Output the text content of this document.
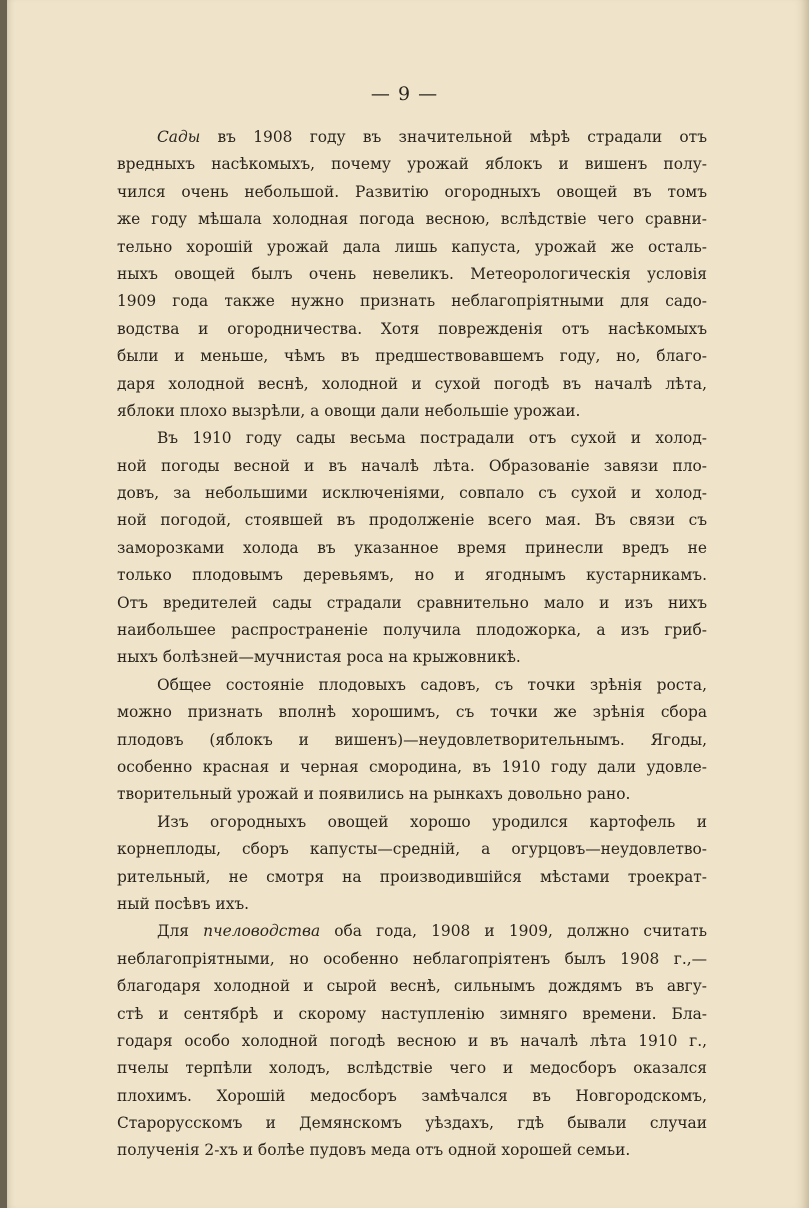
— 9 —
Сады въ 1908 году въ значительной мѣрѣ страдали отъ
вредныхъ насѣкомыхъ, почему урожай яблокъ и вишенъ полу-
чился очень небольшой. Развитію огородныхъ овощей въ томъ
же году мѣшала холодная погода весною, вслѣдствіе чего сравни-
тельно хорошій урожай дала лишь капуста, урожай же осталь-
ныхъ овощей былъ очень невеликъ. Метеорологическія условія
1909 года также нужно признать неблагопріятными для садо-
водства и огородничества. Хотя поврежденія отъ насѣкомыхъ
были и меньше, чѣмъ въ предшествовавшемъ году, но, благо-
даря холодной веснѣ, холодной и сухой погодѣ въ началѣ лѣта,
яблоки плохо вызрѣли, а овощи дали небольшіе урожаи.
Въ 1910 году сады весьма пострадали отъ сухой и холод-
ной погоды весной и въ началѣ лѣта. Образованіе завязи пло-
довъ, за небольшими исключеніями, совпало съ сухой и холод-
ной погодой, стоявшей въ продолженіе всего мая. Въ связи съ
заморозками холода въ указанное время принесли вредъ не
только плодовымъ деревьямъ, но и ягоднымъ кустарникамъ.
Отъ вредителей сады страдали сравнительно мало и изъ нихъ
наибольшее распространеніе получила плодожорка, а изъ гриб-
ныхъ болѣзней—мучнистая роса на крыжовникѣ.
Общее состояніе плодовыхъ садовъ, съ точки зрѣнія роста,
можно признать вполнѣ хорошимъ, съ точки же зрѣнія сбора
плодовъ (яблокъ и вишенъ)—неудовлетворительнымъ. Ягоды,
особенно красная и черная смородина, въ 1910 году дали удовле-
творительный урожай и появились на рынкахъ довольно рано.
Изъ огородныхъ овощей хорошо уродился картофель и
корнеплоды, сборъ капусты—средній, а огурцовъ—неудовлетво-
рительный, не смотря на производившійся мѣстами троекрат-
ный посѣвъ ихъ.
Для пчеловодства оба года, 1908 и 1909, должно считать
неблагопріятными, но особенно неблагопріятенъ былъ 1908 г.,—
благодаря холодной и сырой веснѣ, сильнымъ дождямъ въ авгу-
стѣ и сентябрѣ и скорому наступленію зимняго времени. Бла-
годаря особо холодной погодѣ весною и въ началѣ лѣта 1910 г.,
пчелы терпѣли холодъ, вслѣдствіе чего и медосборъ оказался
плохимъ. Хорошій медосборъ замѣчался въ Новгородскомъ,
Старорусскомъ и Демянскомъ уѣздахъ, гдѣ бывали случаи
полученія 2-хъ и болѣе пудовъ меда отъ одной хорошей семьи.
